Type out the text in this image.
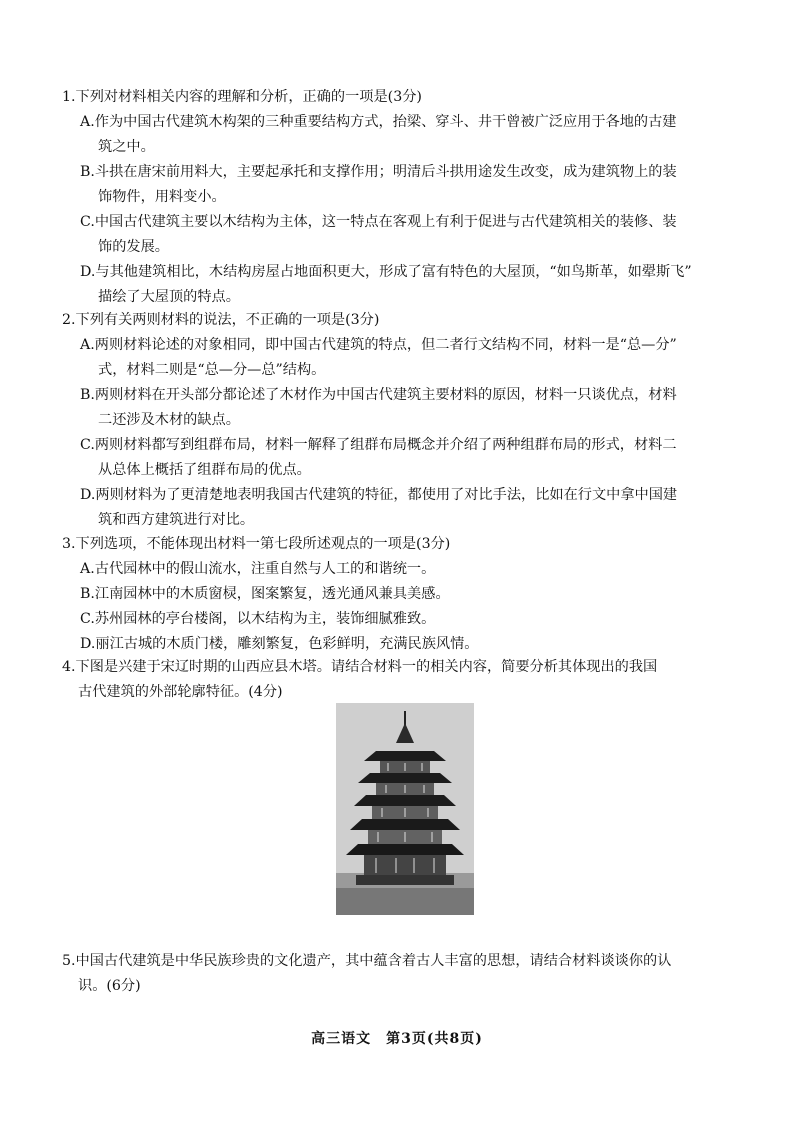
1.下列对材料相关内容的理解和分析，正确的一项是(3分)

A.作为中国古代建筑木构架的三种重要结构方式，抬梁、穿斗、井干曾被广泛应用于各地的古建
筑之中。

B.斗拱在唐宋前用料大，主要起承托和支撑作用；明清后斗拱用途发生改变，成为建筑物上的装
饰物件，用料变小。

C.中国古代建筑主要以木结构为主体，这一特点在客观上有利于促进与古代建筑相关的装修、装
饰的发展。

D.与其他建筑相比，木结构房屋占地面积更大，形成了富有特色的大屋顶，“如鸟斯革，如翚斯飞”
描绘了大屋顶的特点。

2.下列有关两则材料的说法，不正确的一项是(3分)

A.两则材料论述的对象相同，即中国古代建筑的特点，但二者行文结构不同，材料一是“总—分”
式，材料二则是“总—分—总”结构。

B.两则材料在开头部分都论述了木材作为中国古代建筑主要材料的原因，材料一只谈优点，材料
二还涉及木材的缺点。

C.两则材料都写到组群布局，材料一解释了组群布局概念并介绍了两种组群布局的形式，材料二
从总体上概括了组群布局的优点。

D.两则材料为了更清楚地表明我国古代建筑的特征，都使用了对比手法，比如在行文中拿中国建
筑和西方建筑进行对比。

3.下列选项，不能体现出材料一第七段所述观点的一项是(3分)

A.古代园林中的假山流水，注重自然与人工的和谐统一。

B.江南园林中的木质窗棂，图案繁复，透光通风兼具美感。

C.苏州园林的亭台楼阁，以木结构为主，装饰细腻雅致。

D.丽江古城的木质门楼，雕刻繁复，色彩鲜明，充满民族风情。

4.下图是兴建于宋辽时期的山西应县木塔。请结合材料一的相关内容，简要分析其体现出的我国

古代建筑的外部轮廓特征。(4分)

5.中国古代建筑是中华民族珍贵的文化遗产，其中蕴含着古人丰富的思想，请结合材料谈谈你的认

识。(6分)

高三语文　第3页(共8页)
